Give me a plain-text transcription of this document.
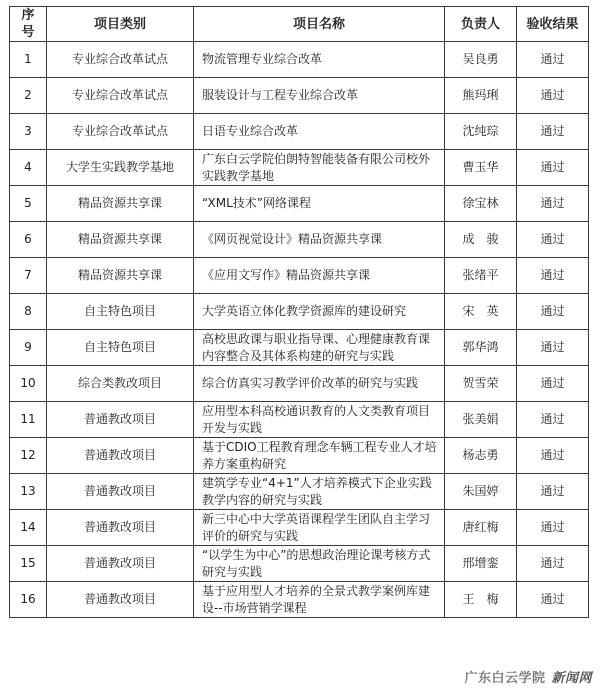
序号	项目类别	项目名称	负责人	验收结果
1	专业综合改革试点	物流管理专业综合改革	吴良勇	通过
2	专业综合改革试点	服装设计与工程专业综合改革	熊玛琍	通过
3	专业综合改革试点	日语专业综合改革	沈纯琮	通过
4	大学生实践教学基地	广东白云学院伯朗特智能装备有限公司校外实践教学基地	曹玉华	通过
5	精品资源共享课	“XML技术”网络课程	徐宝林	通过
6	精品资源共享课	《网页视觉设计》精品资源共享课	成　骏	通过
7	精品资源共享课	《应用文写作》精品资源共享课	张绪平	通过
8	自主特色项目	大学英语立体化教学资源库的建设研究	宋　英	通过
9	自主特色项目	高校思政课与职业指导课、心理健康教育课内容整合及其体系构建的研究与实践	郭华鸿	通过
10	综合类教改项目	综合仿真实习教学评价改革的研究与实践	贺雪荣	通过
11	普通教改项目	应用型本科高校通识教育的人文类教育项目开发与实践	张美娟	通过
12	普通教改项目	基于CDIO工程教育理念车辆工程专业人才培养方案重构研究	杨志勇	通过
13	普通教改项目	建筑学专业“4+1”人才培养模式下企业实践教学内容的研究与实践	朱国婷	通过
14	普通教改项目	新三中心中大学英语课程学生团队自主学习评价的研究与实践	唐红梅	通过
15	普通教改项目	“以学生为中心”的思想政治理论课考核方式研究与实践	邢增銮	通过
16	普通教改项目	基于应用型人才培养的全景式教学案例库建设--市场营销学课程	王　梅	通过
广东白云学院 新闻网
